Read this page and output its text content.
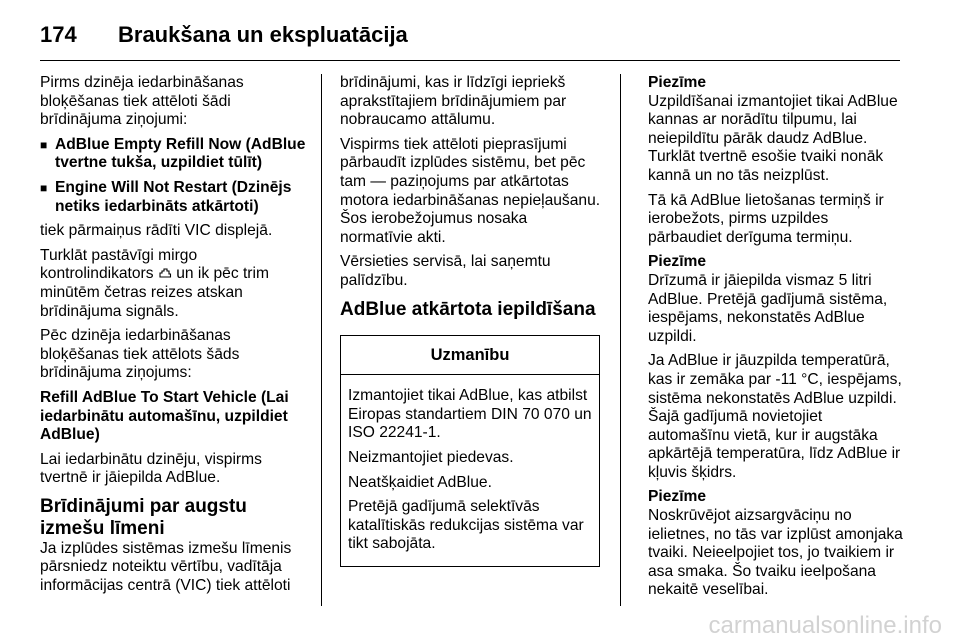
174	Braukšana un ekspluatācija

Pirms dzinēja iedarbināšanas bloķēšanas tiek attēloti šādi brīdinājuma ziņojumi:

■ AdBlue Empty Refill Now (AdBlue tvertne tukša, uzpildiet tūlīt)
■ Engine Will Not Restart (Dzinējs netiks iedarbināts atkārtoti)

tiek pārmaiņus rādīti VIC displejā.

Turklāt pastāvīgi mirgo kontrolindikators  un ik pēc trim minūtēm četras reizes atskan brīdinājuma signāls.

Pēc dzinēja iedarbināšanas bloķēšanas tiek attēlots šāds brīdinājuma ziņojums:

Refill AdBlue To Start Vehicle (Lai iedarbinātu automašīnu, uzpildiet AdBlue)

Lai iedarbinātu dzinēju, vispirms tvertnē ir jāiepilda AdBlue.

Brīdinājumi par augstu izmešu līmeni

Ja izplūdes sistēmas izmešu līmenis pārsniedz noteiktu vērtību, vadītāja informācijas centrā (VIC) tiek attēloti

brīdinājumi, kas ir līdzīgi iepriekš aprakstītajiem brīdinājumiem par nobraucamo attālumu.

Vispirms tiek attēloti pieprasījumi pārbaudīt izplūdes sistēmu, bet pēc tam — paziņojums par atkārtotas motora iedarbināšanas nepieļaušanu. Šos ierobežojumus nosaka normatīvie akti.

Vērsieties servisā, lai saņemtu palīdzību.

AdBlue atkārtota iepildīšana
Uzmanību

Izmantojiet tikai AdBlue, kas atbilst Eiropas standartiem DIN 70 070 un ISO 22241-1.

Neizmantojiet piedevas.

Neatšķaidiet AdBlue.

Pretējā gadījumā selektīvās katalītiskās redukcijas sistēma var tikt sabojāta.

Piezīme

Uzpildīšanai izmantojiet tikai AdBlue kannas ar norādītu tilpumu, lai neiepildītu pārāk daudz AdBlue. Turklāt tvertnē esošie tvaiki nonāk kannā un no tās neizplūst.

Tā kā AdBlue lietošanas termiņš ir ierobežots, pirms uzpildes pārbaudiet derīguma termiņu.

Piezīme

Drīzumā ir jāiepilda vismaz 5 litri AdBlue. Pretējā gadījumā sistēma, iespējams, nekonstatēs AdBlue uzpildi.

Ja AdBlue ir jāuzpilda temperatūrā, kas ir zemāka par -11 °C, iespējams, sistēma nekonstatēs AdBlue uzpildi. Šajā gadījumā novietojiet automašīnu vietā, kur ir augstāka apkārtējā temperatūra, līdz AdBlue ir kļuvis šķidrs.

Piezīme

Noskrūvējot aizsargvāciņu no ielietnes, no tās var izplūst amonjaka tvaiki. Neieelpojiet tos, jo tvaikiem ir asa smaka. Šo tvaiku ieelpošana nekaitē veselībai.

carmanualsonline.info
